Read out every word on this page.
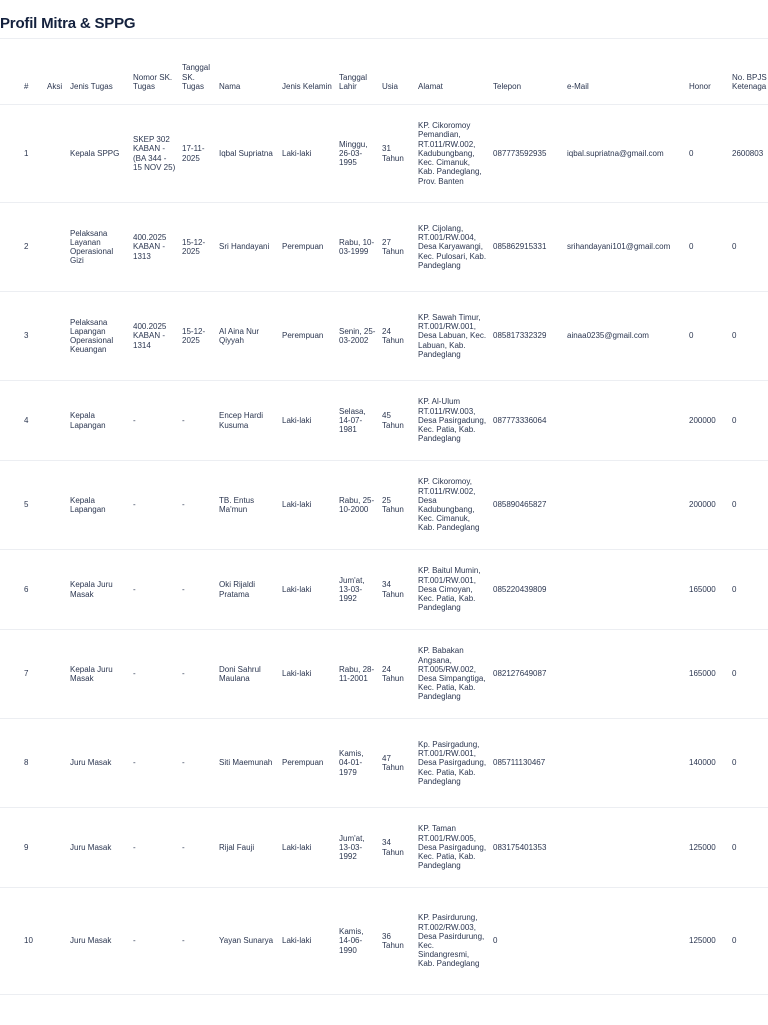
Profil Mitra & SPPG
#	Aksi	Jenis Tugas	Nomor SK. Tugas	Tanggal SK. Tugas	Nama	Jenis Kelamin	Tanggal Lahir	Usia	Alamat	Telepon	e-Mail	Honor	No. BPJS Ketenaga
1		Kepala SPPG	SKEP 302 KABAN - (BA 344 - 15 NOV 25)	17-11-2025	Iqbal Supriatna	Laki-laki	Minggu, 26-03-1995	31 Tahun	KP. Cikoromoy Pemandian, RT.011/RW.002, Kadubungbang, Kec. Cimanuk, Kab. Pandeglang, Prov. Banten	087773592935	iqbal.supriatna@gmail.com	0	2600803
2		Pelaksana Layanan Operasional Gizi	400.2025 KABAN - 1313	15-12-2025	Sri Handayani	Perempuan	Rabu, 10-03-1999	27 Tahun	KP. Cijolang, RT.001/RW.004, Desa Karyawangi, Kec. Pulosari, Kab. Pandeglang	085862915331	srihandayani101@gmail.com	0	0
3		Pelaksana Lapangan Operasional Keuangan	400.2025 KABAN - 1314	15-12-2025	Al Aina Nur Qiyyah	Perempuan	Senin, 25-03-2002	24 Tahun	KP. Sawah Timur, RT.001/RW.001, Desa Labuan, Kec. Labuan, Kab. Pandeglang	085817332329	ainaa0235@gmail.com	0	0
4		Kepala Lapangan	-	-	Encep Hardi Kusuma	Laki-laki	Selasa, 14-07-1981	45 Tahun	KP. Al-Ulum RT.011/RW.003, Desa Pasirgadung, Kec. Patia, Kab. Pandeglang	087773336064		200000	0
5		Kepala Lapangan	-	-	TB. Entus Ma'mun	Laki-laki	Rabu, 25-10-2000	25 Tahun	KP. Cikoromoy, RT.011/RW.002, Desa Kadubungbang, Kec. Cimanuk, Kab. Pandeglang	085890465827		200000	0
6		Kepala Juru Masak	-	-	Oki Rijaldi Pratama	Laki-laki	Jum'at, 13-03-1992	34 Tahun	KP. Baitul Mumin, RT.001/RW.001, Desa Cimoyan, Kec. Patia, Kab. Pandeglang	085220439809		165000	0
7		Kepala Juru Masak	-	-	Doni Sahrul Maulana	Laki-laki	Rabu, 28-11-2001	24 Tahun	KP. Babakan Angsana, RT.005/RW.002, Desa Simpangtiga, Kec. Patia, Kab. Pandeglang	082127649087		165000	0
8		Juru Masak	-	-	Siti Maemunah	Perempuan	Kamis, 04-01-1979	47 Tahun	Kp. Pasirgadung, RT.001/RW.001, Desa Pasirgadung, Kec. Patia, Kab. Pandeglang	085711130467		140000	0
9		Juru Masak	-	-	Rijal Fauji	Laki-laki	Jum'at, 13-03-1992	34 Tahun	KP. Taman RT.001/RW.005, Desa Pasirgadung, Kec. Patia, Kab. Pandeglang	083175401353		125000	0
10		Juru Masak	-	-	Yayan Sunarya	Laki-laki	Kamis, 14-06-1990	36 Tahun	KP. Pasirdurung, RT.002/RW.003, Desa Pasirdurung, Kec. Sindangresmi, Kab. Pandeglang	0		125000	0
